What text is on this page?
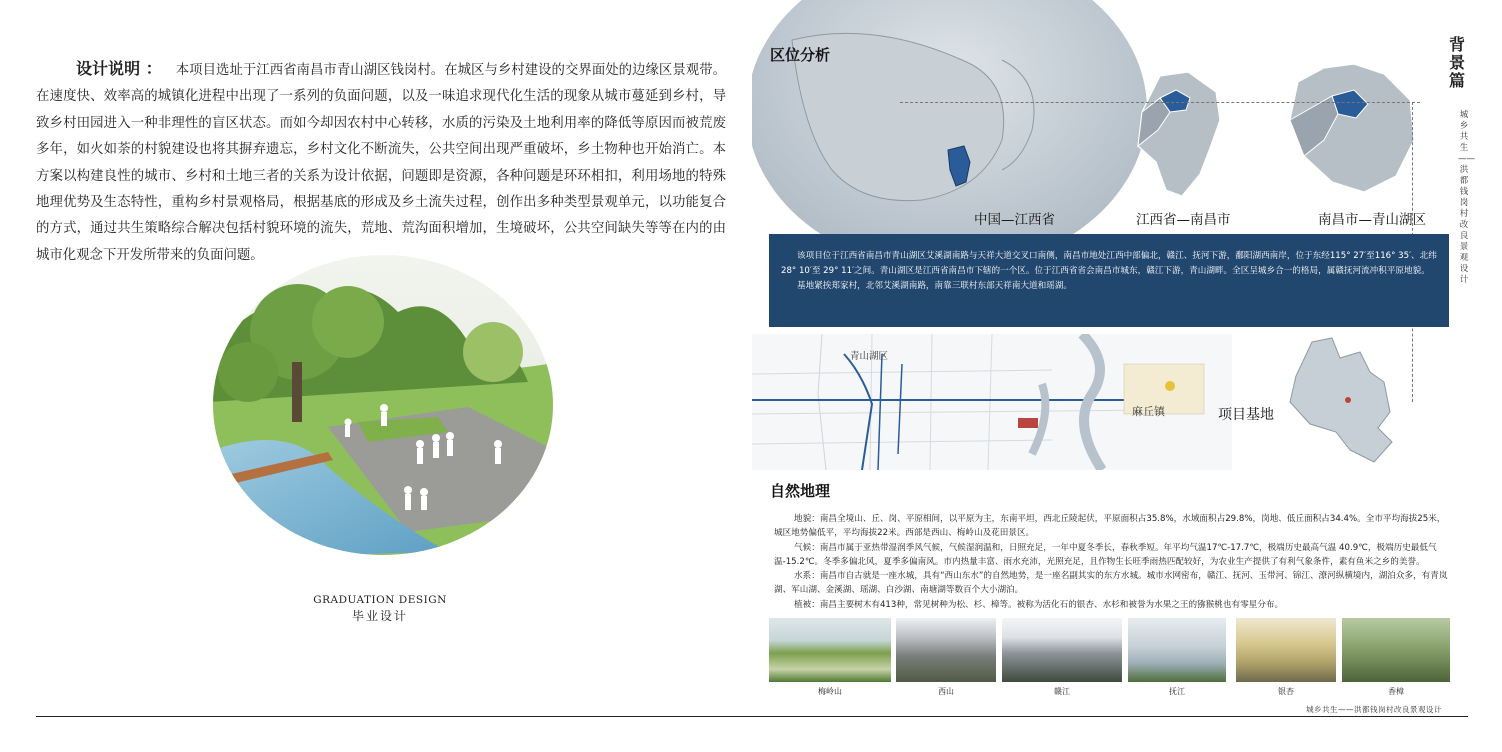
设计说明 ： 本项目选址于江西省南昌市青山湖区钱岗村。在城区与乡村建设的交界面处的边缘区景观带。在速度快、效率高的城镇化进程中出现了一系列的负面问题，以及一味追求现代化生活的现象从城市蔓延到乡村，导致乡村田园进入一种非理性的盲区状态。而如今却因农村中心转移，水质的污染及土地利用率的降低等原因而被荒废多年，如火如荼的村貌建设也将其摒弃遗忘，乡村文化不断流失，公共空间出现严重破坏，乡土物种也开始消亡。本方案以构建良性的城市、乡村和土地三者的关系为设计依据，问题即是资源，各种问题是环环相扣，利用场地的特殊地理优势及生态特性，重构乡村景观格局，根据基底的形成及乡土流失过程，创作出多种类型景观单元，以功能复合的方式，通过共生策略综合解决包括村貌环境的流失，荒地、荒沟面积增加，生境破坏，公共空间缺失等等在内的由城市化观念下开发所带来的负面问题。
GRADUATION DESIGN
毕业设计
区位分析
中国—江西省	江西省—南昌市	南昌市—青山湖区
背景篇
城乡共生——洪都钱岗村改良景观设计

该项目位于江西省南昌市青山湖区艾溪湖南路与天祥大道交叉口南侧，南昌市地处江西中部偏北，赣江、抚河下游，鄱阳湖西南岸，位于东经115° 27′至116° 35′、北纬28° 10′至 29° 11′之间。青山湖区是江西省南昌市下辖的一个区。位于江西省省会南昌市城东，赣江下游，青山湖畔。全区呈城乡合一的格局，属赣抚河流冲积平原地貌。

基地紧挨郑家村，北邻艾溪湖南路，南靠三联村东部天祥南大道和瑶湖。

青山湖区
麻丘镇	项目基地
自然地理

地貌：南昌全境山、丘、岗、平原相间，以平原为主，东南平坦，西北丘陵起伏，平原面积占35.8%，水域面积占29.8%，岗地、低丘面积占34.4%。全市平均海拔25米，城区地势偏低平，平均海拔22米。西部是西山、梅岭山及花田景区。

气候：南昌市属于亚热带湿润季风气候，气候湿润温和，日照充足，一年中夏冬季长，春秋季短。年平均气温17℃-17.7℃，极端历史最高气温 40.9℃，极端历史最低气温-15.2℃。冬季多偏北风，夏季多偏南风。市内热量丰富、雨水充沛，光照充足，且作物生长旺季雨热匹配较好，为农业生产提供了有利气象条件，素有鱼米之乡的美誉。

水系：南昌市自古就是一座水城，具有“西山东水”的自然地势，是一座名副其实的东方水城。城市水网密布，赣江、抚河、玉带河、锦江、潦河纵横境内，湖泊众多，有青岚湖、军山湖、金溪湖、瑶湖、白沙湖、南塘湖等数百个大小湖泊。

植被：南昌主要树木有413种，常见树种为松、杉、樟等。被称为活化石的银杏、水杉和被誉为水果之王的猕猴桃也有零星分布。

梅岭山	西山	赣江	抚江	银杏	香樟
城乡共生——洪都钱岗村改良景观设计
